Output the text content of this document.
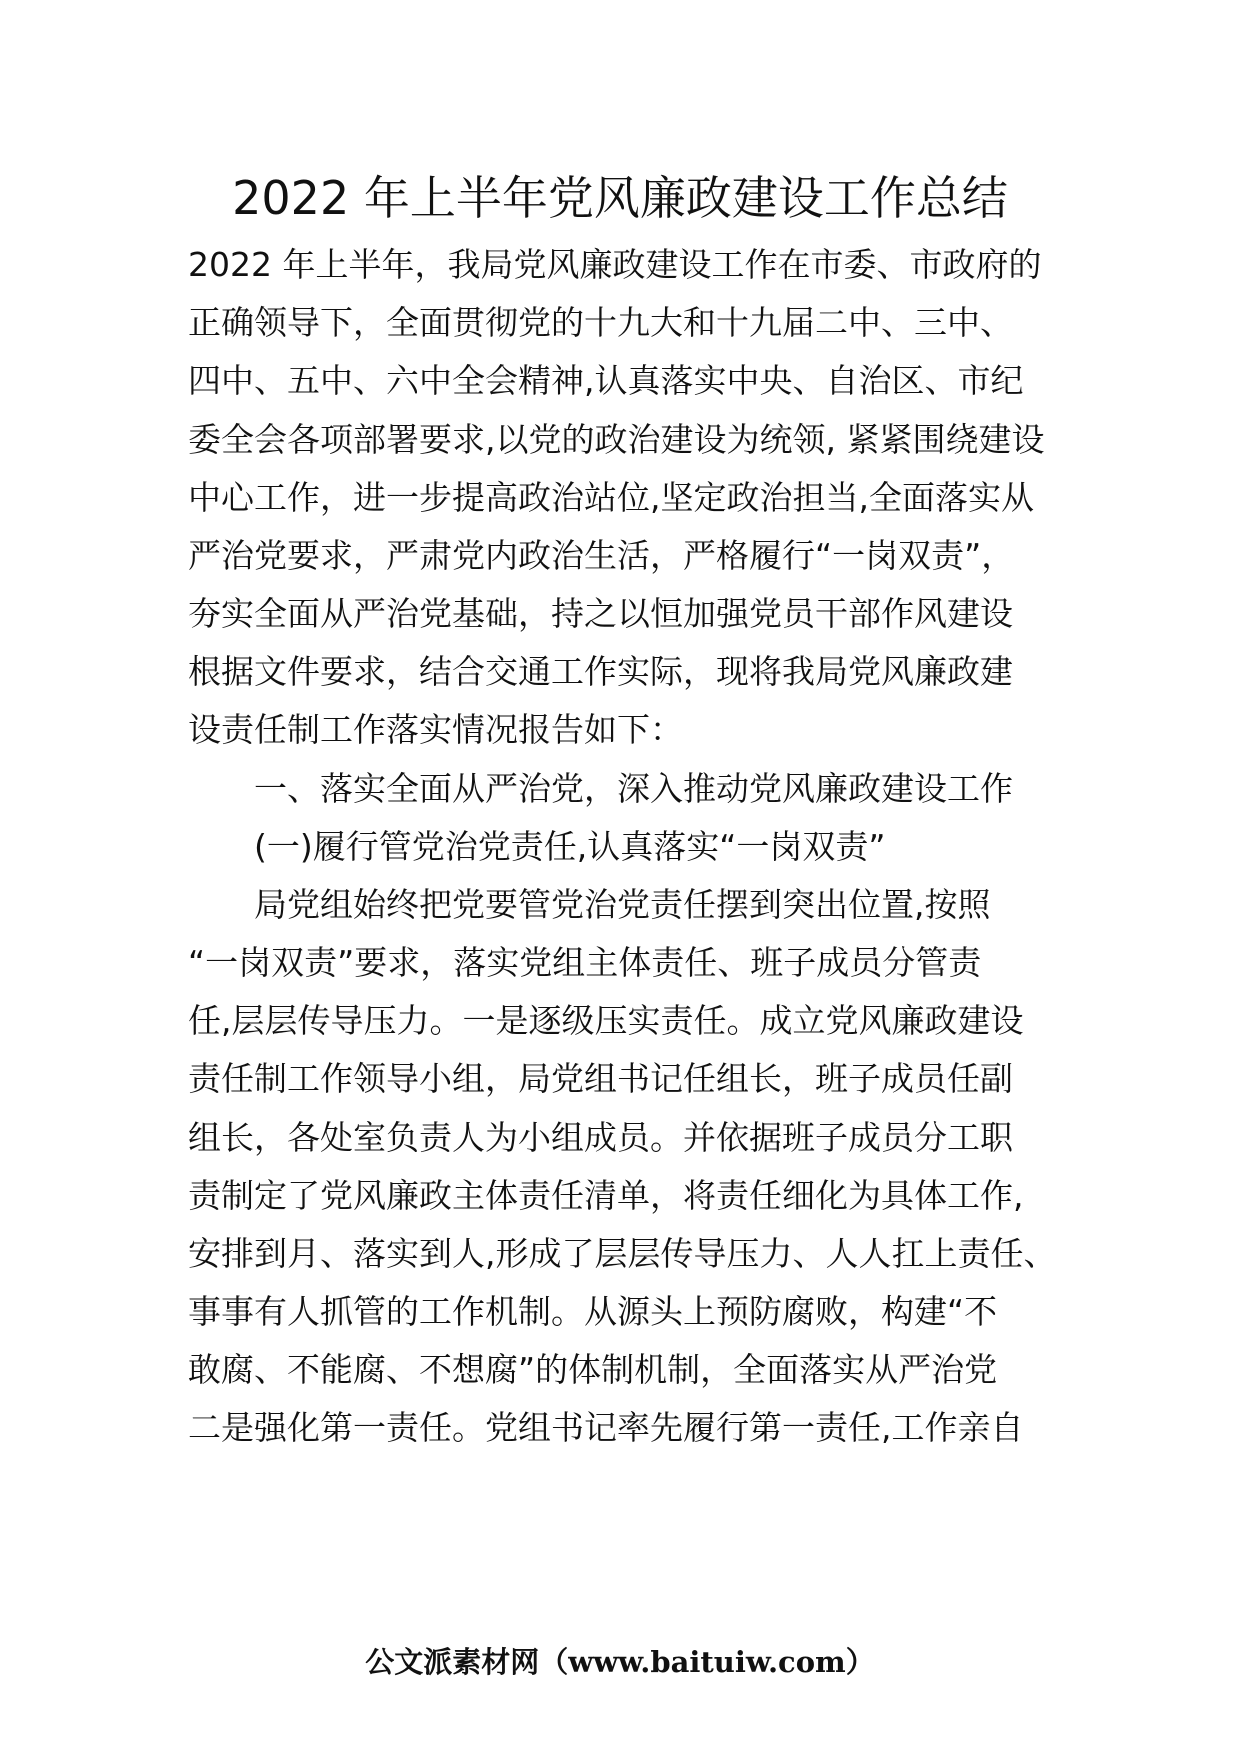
2022 年上半年党风廉政建设工作总结
2022 年上半年，我局党风廉政建设工作在市委、市政府的
正确领导下，全面贯彻党的十九大和十九届二中、三中、
四中、五中、六中全会精神,认真落实中央、自治区、市纪
委全会各项部署要求,以党的政治建设为统领, 紧紧围绕建设
中心工作，进一步提高政治站位,坚定政治担当,全面落实从
严治党要求，严肃党内政治生活，严格履行“一岗双责”，
夯实全面从严治党基础，持之以恒加强党员干部作风建设
根据文件要求，结合交通工作实际，现将我局党风廉政建
设责任制工作落实情况报告如下：
一、落实全面从严治党，深入推动党风廉政建设工作
(一)履行管党治党责任,认真落实“一岗双责”
局党组始终把党要管党治党责任摆到突出位置,按照
“一岗双责”要求，落实党组主体责任、班子成员分管责
任,层层传导压力。一是逐级压实责任。成立党风廉政建设
责任制工作领导小组，局党组书记任组长，班子成员任副
组长，各处室负责人为小组成员。并依据班子成员分工职
责制定了党风廉政主体责任清单，将责任细化为具体工作,
安排到月、落实到人,形成了层层传导压力、人人扛上责任、
事事有人抓管的工作机制。从源头上预防腐败，构建“不
敢腐、不能腐、不想腐”的体制机制，全面落实从严治党
二是强化第一责任。党组书记率先履行第一责任,工作亲自
公文派素材网（www.baituiw.com）
